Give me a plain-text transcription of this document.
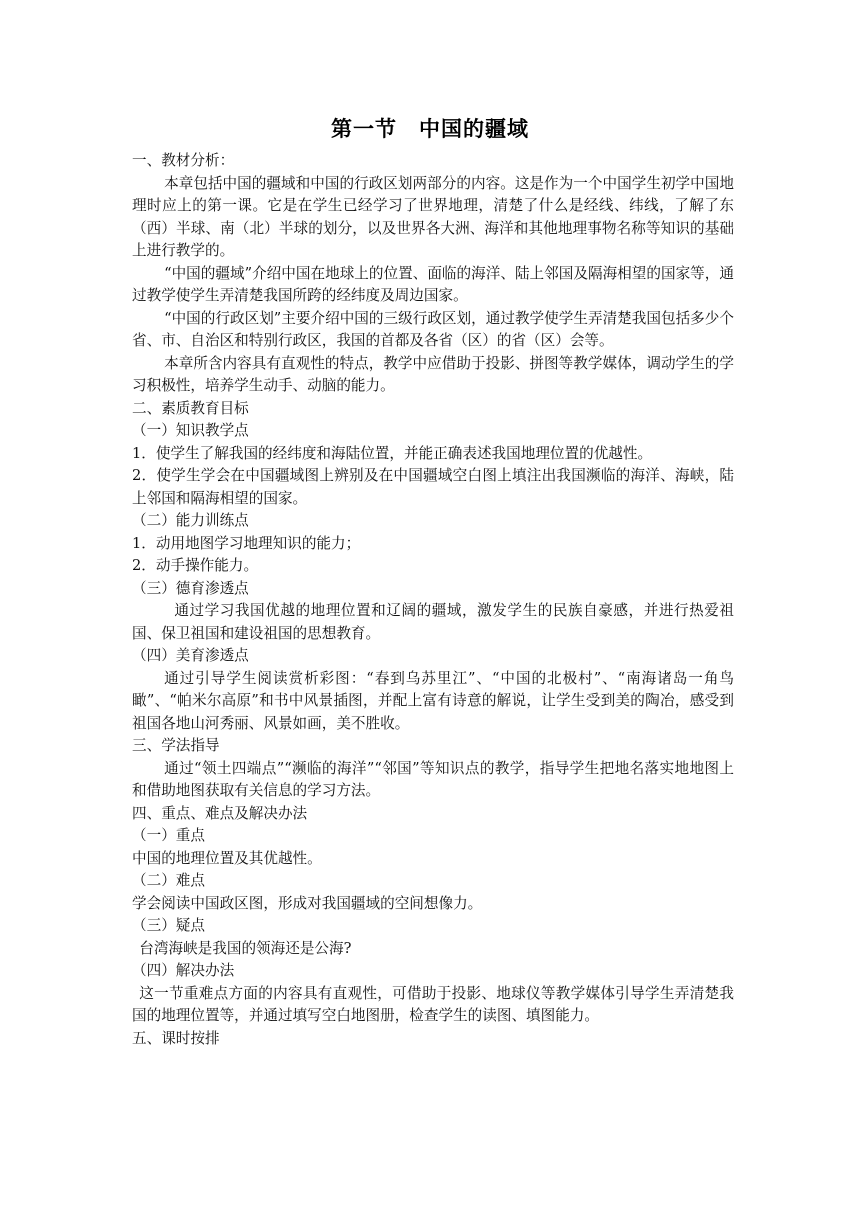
第一节　中国的疆域

一、教材分析：

本章包括中国的疆域和中国的行政区划两部分的内容。这是作为一个中国学生初学中国地理时应上的第一课。它是在学生已经学习了世界地理，清楚了什么是经线、纬线，了解了东（西）半球、南（北）半球的划分，以及世界各大洲、海洋和其他地理事物名称等知识的基础上进行教学的。

“中国的疆域”介绍中国在地球上的位置、面临的海洋、陆上邻国及隔海相望的国家等，通过教学使学生弄清楚我国所跨的经纬度及周边国家。

“中国的行政区划”主要介绍中国的三级行政区划，通过教学使学生弄清楚我国包括多少个省、市、自治区和特别行政区，我国的首都及各省（区）的省（区）会等。

本章所含内容具有直观性的特点，教学中应借助于投影、拼图等教学媒体，调动学生的学习积极性，培养学生动手、动脑的能力。

二、素质教育目标

（一）知识教学点

1．使学生了解我国的经纬度和海陆位置，并能正确表述我国地理位置的优越性。

2．使学生学会在中国疆域图上辨别及在中国疆域空白图上填注出我国濒临的海洋、海峡，陆上邻国和隔海相望的国家。

（二）能力训练点

1．动用地图学习地理知识的能力；

2．动手操作能力。

（三）德育渗透点

通过学习我国优越的地理位置和辽阔的疆域，激发学生的民族自豪感，并进行热爱祖国、保卫祖国和建设祖国的思想教育。

（四）美育渗透点

通过引导学生阅读赏析彩图：“春到乌苏里江”、“中国的北极村”、“南海诸岛一角鸟瞰”、“帕米尔高原”和书中风景插图，并配上富有诗意的解说，让学生受到美的陶冶，感受到祖国各地山河秀丽、风景如画，美不胜收。

三、学法指导

通过“领土四端点”“濒临的海洋”“邻国”等知识点的教学，指导学生把地名落实地地图上和借助地图获取有关信息的学习方法。

四、重点、难点及解决办法

（一）重点

中国的地理位置及其优越性。

（二）难点

学会阅读中国政区图，形成对我国疆域的空间想像力。

（三）疑点

台湾海峡是我国的领海还是公海?

（四）解决办法

这一节重难点方面的内容具有直观性，可借助于投影、地球仪等教学媒体引导学生弄清楚我国的地理位置等，并通过填写空白地图册，检查学生的读图、填图能力。

五、课时按排
